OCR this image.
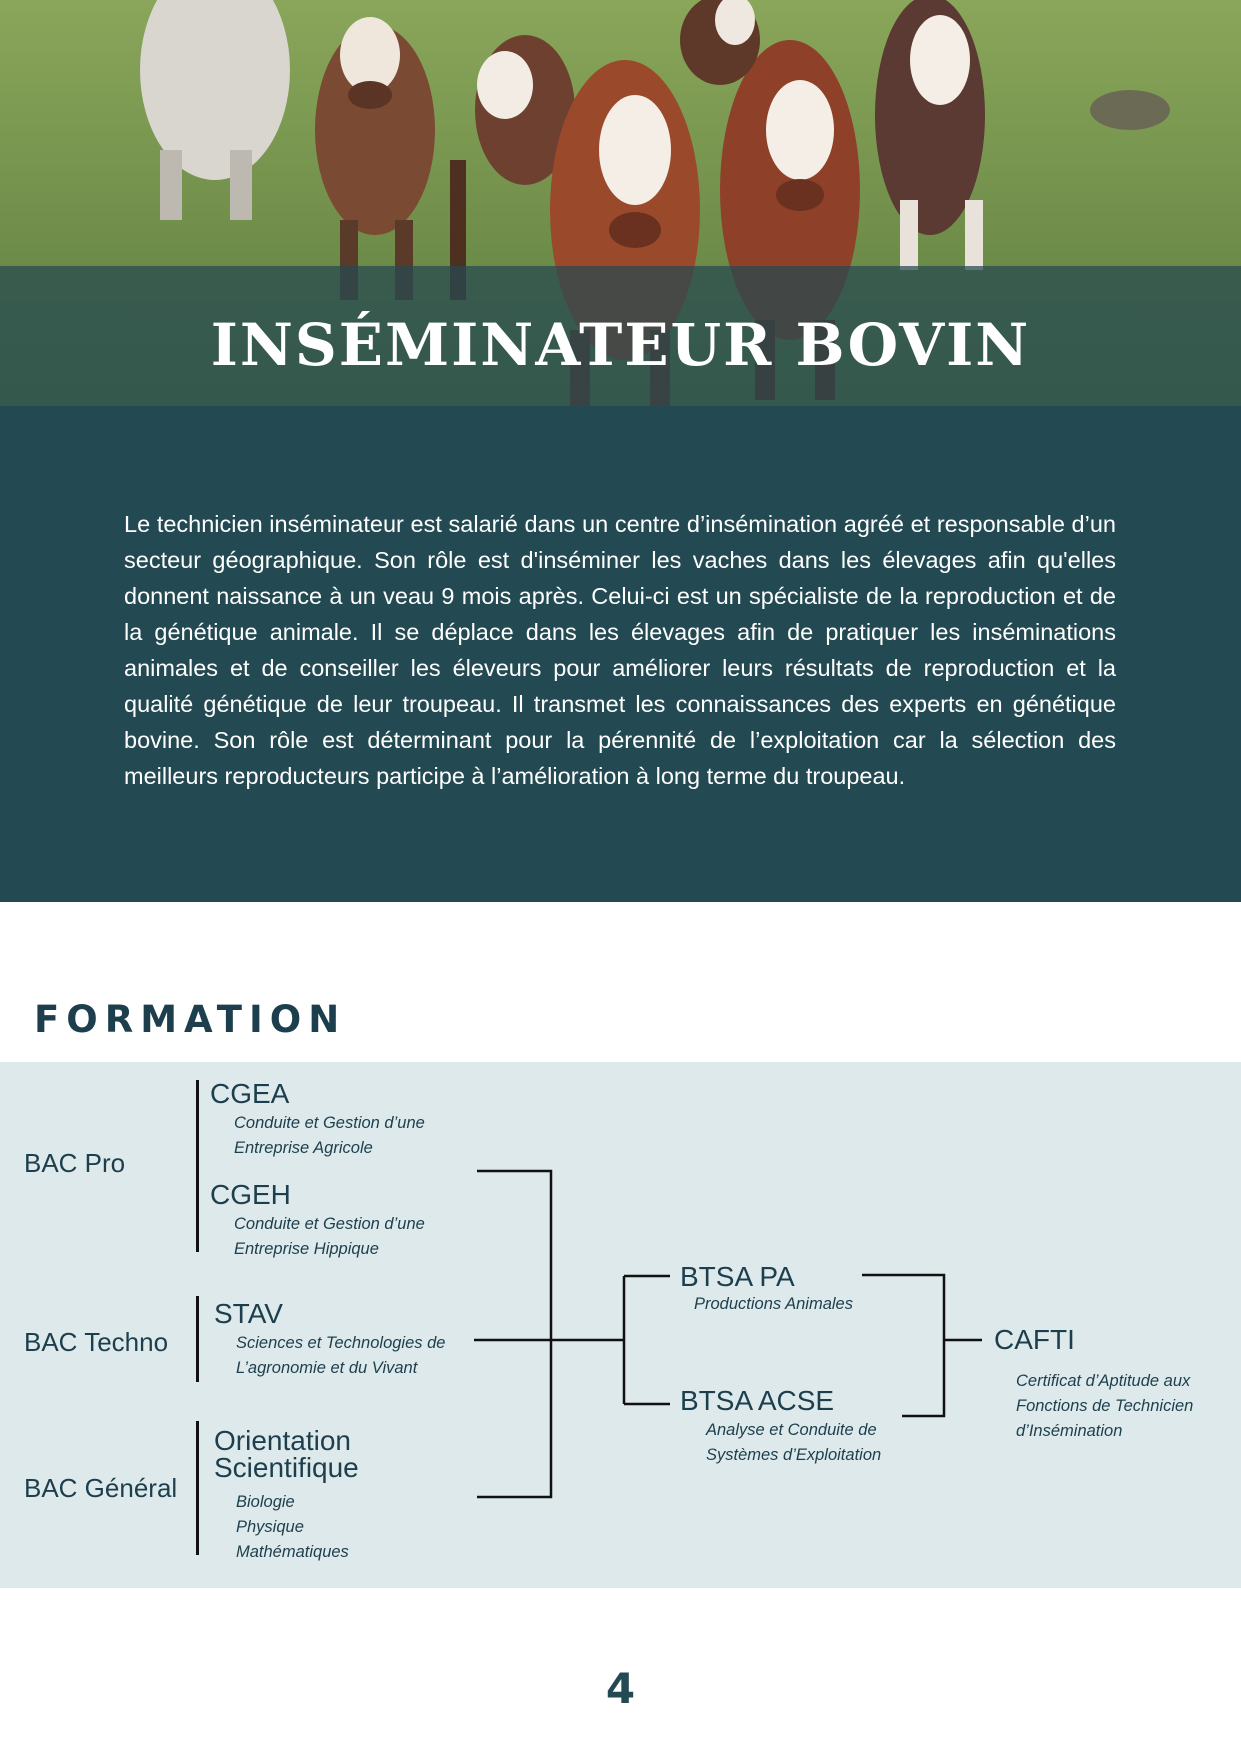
INSÉMINATEUR BOVIN

Le technicien inséminateur est salarié dans un centre d’insémination agréé et responsable d’un secteur géographique. Son rôle est d'inséminer les vaches dans les élevages afin qu'elles donnent naissance à un veau 9 mois après. Celui-ci est un spécialiste de la reproduction et de la génétique animale. Il se déplace dans les élevages afin de pratiquer les inséminations animales et de conseiller les éleveurs pour améliorer leurs résultats de reproduction et la qualité génétique de leur troupeau. Il transmet les connaissances des experts en génétique bovine. Son rôle est déterminant pour la pérennité de l’exploitation car la sélection des meilleurs reproducteurs participe à l’amélioration à long terme du troupeau.

FORMATION
BAC Pro
BAC Techno
BAC Général
CGEA
Conduite et Gestion d’une
Entreprise Agricole
CGEH
Conduite et Gestion d’une
Entreprise Hippique
STAV
Sciences et Technologies de
L’agronomie et du Vivant
Orientation
Scientifique
Biologie
Physique
Mathématiques
BTSA PA
Productions Animales
BTSA ACSE
Analyse et Conduite de
Systèmes d’Exploitation
CAFTI
Certificat d’Aptitude aux
Fonctions de Technicien
d’Insémination
4
